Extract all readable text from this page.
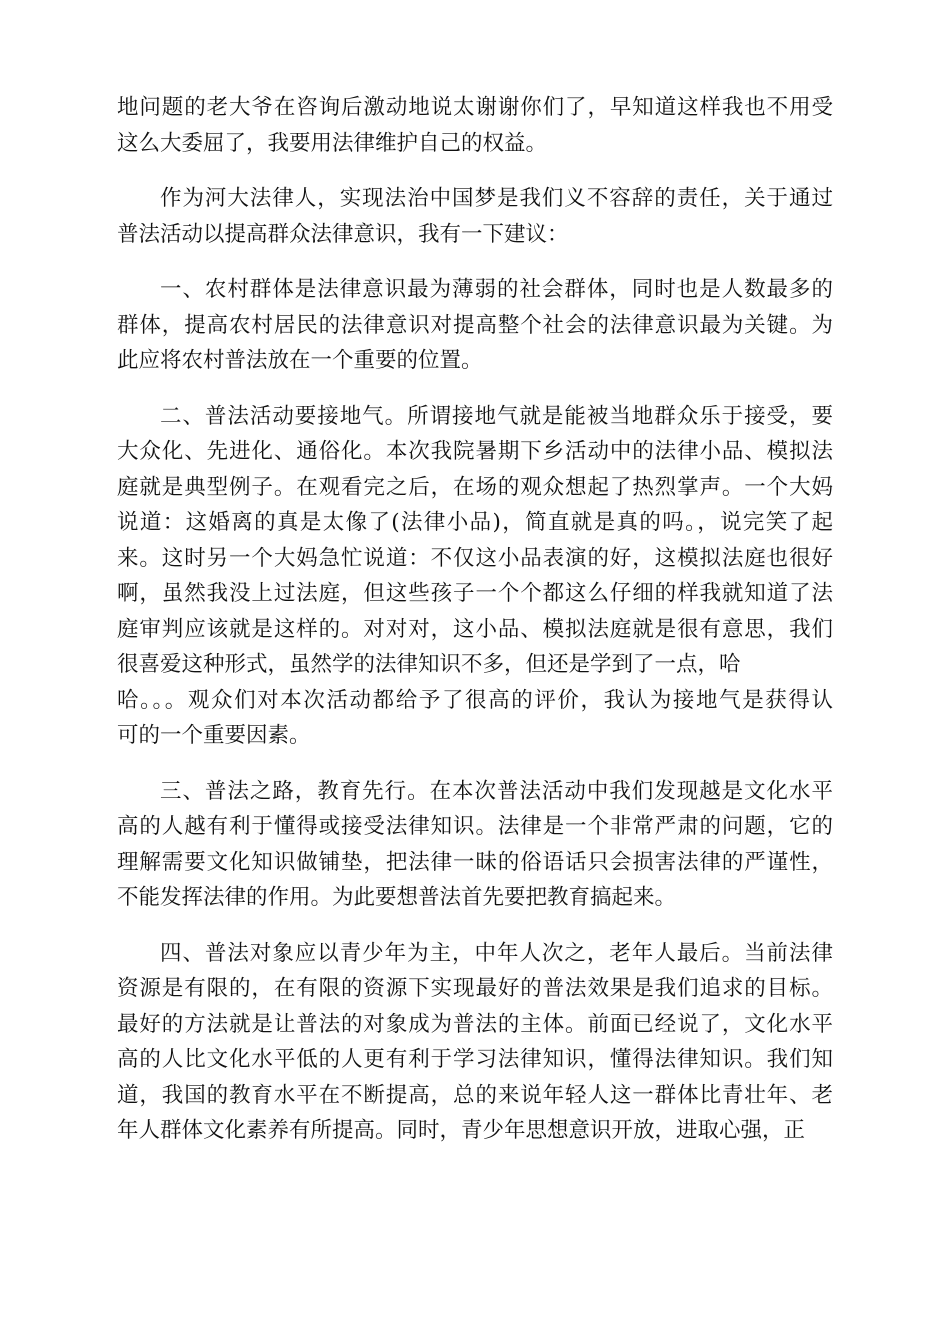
地问题的老大爷在咨询后激动地说太谢谢你们了，早知道这样我也不用受
这么大委屈了，我要用法律维护自己的权益。
作为河大法律人，实现法治中国梦是我们义不容辞的责任，关于通过
普法活动以提高群众法律意识，我有一下建议：
一、农村群体是法律意识最为薄弱的社会群体，同时也是人数最多的
群体，提高农村居民的法律意识对提高整个社会的法律意识最为关键。为
此应将农村普法放在一个重要的位置。
二、普法活动要接地气。所谓接地气就是能被当地群众乐于接受，要
大众化、先进化、通俗化。本次我院暑期下乡活动中的法律小品、模拟法
庭就是典型例子。在观看完之后，在场的观众想起了热烈掌声。一个大妈
说道：这婚离的真是太像了(法律小品)，简直就是真的吗。，说完笑了起
来。这时另一个大妈急忙说道：不仅这小品表演的好，这模拟法庭也很好
啊，虽然我没上过法庭，但这些孩子一个个都这么仔细的样我就知道了法
庭审判应该就是这样的。对对对，这小品、模拟法庭就是很有意思，我们
很喜爱这种形式，虽然学的法律知识不多，但还是学到了一点，哈
哈。。。观众们对本次活动都给予了很高的评价，我认为接地气是获得认
可的一个重要因素。
三、普法之路，教育先行。在本次普法活动中我们发现越是文化水平
高的人越有利于懂得或接受法律知识。法律是一个非常严肃的问题，它的
理解需要文化知识做铺垫，把法律一昧的俗语话只会损害法律的严谨性，
不能发挥法律的作用。为此要想普法首先要把教育搞起来。
四、普法对象应以青少年为主，中年人次之，老年人最后。当前法律
资源是有限的，在有限的资源下实现最好的普法效果是我们追求的目标。
最好的方法就是让普法的对象成为普法的主体。前面已经说了，文化水平
高的人比文化水平低的人更有利于学习法律知识，懂得法律知识。我们知
道，我国的教育水平在不断提高，总的来说年轻人这一群体比青壮年、老
年人群体文化素养有所提高。同时，青少年思想意识开放，进取心强，正
